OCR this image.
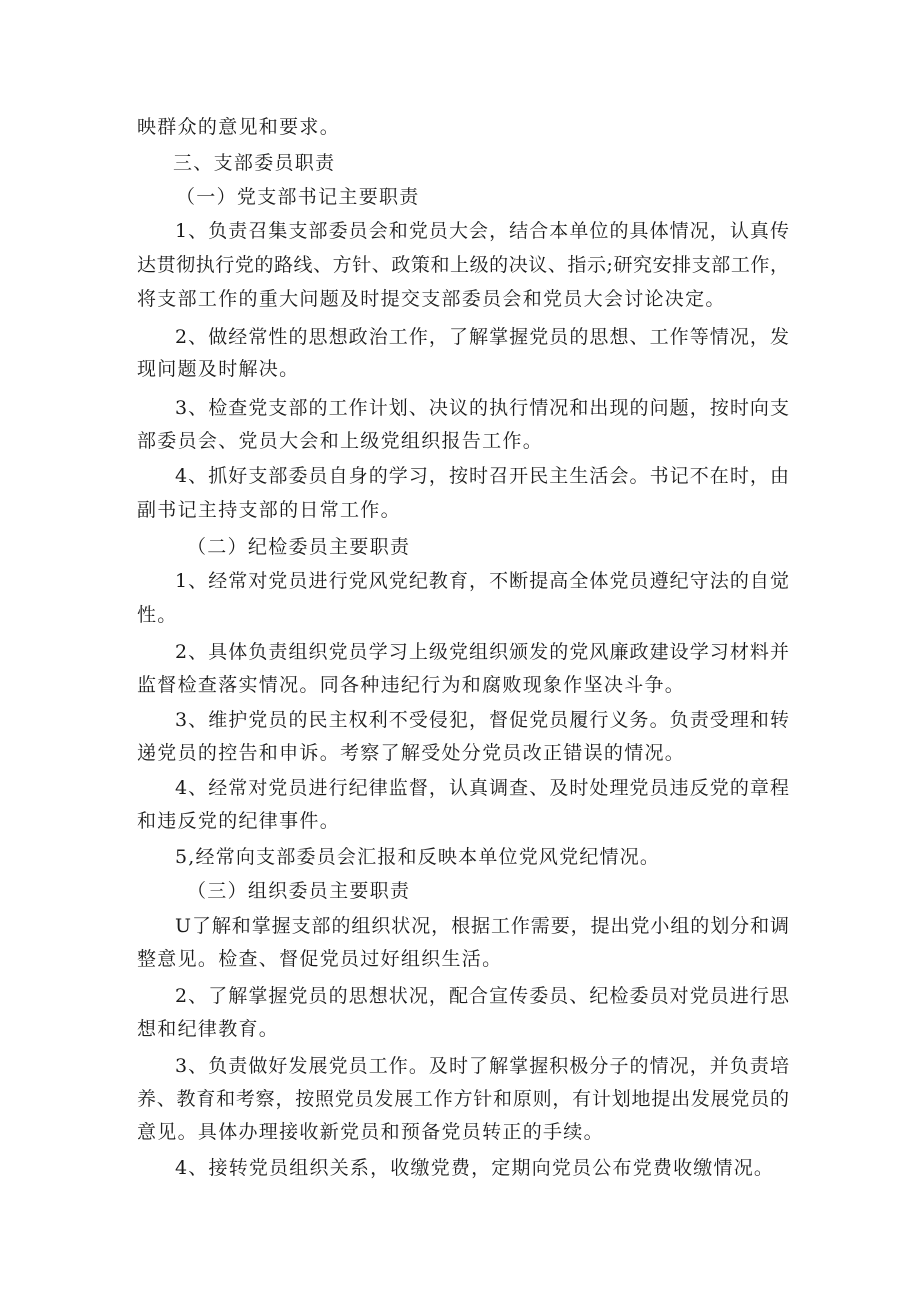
映群众的意见和要求。
三、支部委员职责
（一）党支部书记主要职责
1、负责召集支部委员会和党员大会，结合本单位的具体情况，认真传
达贯彻执行党的路线、方针、政策和上级的决议、指示;研究安排支部工作，
将支部工作的重大问题及时提交支部委员会和党员大会讨论决定。
2、做经常性的思想政治工作，了解掌握党员的思想、工作等情况，发
现问题及时解决。
3、检查党支部的工作计划、决议的执行情况和出现的问题，按时向支
部委员会、党员大会和上级党组织报告工作。
4、抓好支部委员自身的学习，按时召开民主生活会。书记不在时，由
副书记主持支部的日常工作。
（二）纪检委员主要职责
1、经常对党员进行党风党纪教育，不断提高全体党员遵纪守法的自觉
性。
2、具体负责组织党员学习上级党组织颁发的党风廉政建设学习材料并
监督检查落实情况。同各种违纪行为和腐败现象作坚决斗争。
3、维护党员的民主权利不受侵犯，督促党员履行义务。负责受理和转
递党员的控告和申诉。考察了解受处分党员改正错误的情况。
4、经常对党员进行纪律监督，认真调查、及时处理党员违反党的章程
和违反党的纪律事件。
5,经常向支部委员会汇报和反映本单位党风党纪情况。
（三）组织委员主要职责
U了解和掌握支部的组织状况，根据工作需要，提出党小组的划分和调
整意见。检查、督促党员过好组织生活。
2、了解掌握党员的思想状况，配合宣传委员、纪检委员对党员进行思
想和纪律教育。
3、负责做好发展党员工作。及时了解掌握积极分子的情况，并负责培
养、教育和考察，按照党员发展工作方针和原则，有计划地提出发展党员的
意见。具体办理接收新党员和预备党员转正的手续。
4、接转党员组织关系，收缴党费，定期向党员公布党费收缴情况。
